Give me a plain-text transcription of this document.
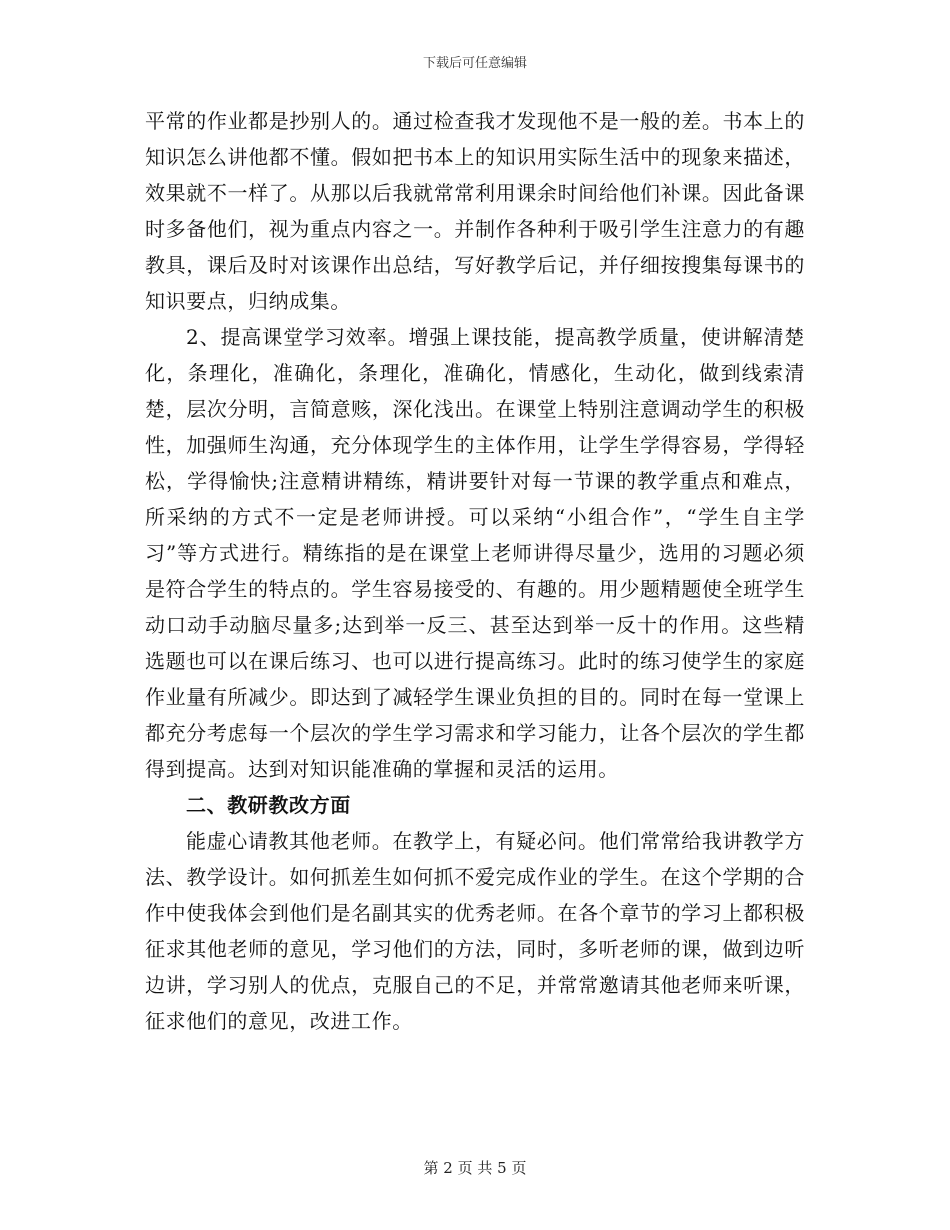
下载后可任意编辑

平常的作业都是抄别人的。通过检查我才发现他不是一般的差。书本上的知识怎么讲他都不懂。假如把书本上的知识用实际生活中的现象来描述，效果就不一样了。从那以后我就常常利用课余时间给他们补课。因此备课时多备他们，视为重点内容之一。并制作各种利于吸引学生注意力的有趣教具，课后及时对该课作出总结，写好教学后记，并仔细按搜集每课书的知识要点，归纳成集。

2、提高课堂学习效率。增强上课技能，提高教学质量，使讲解清楚化，条理化，准确化，条理化，准确化，情感化，生动化，做到线索清楚，层次分明，言简意赅，深化浅出。在课堂上特别注意调动学生的积极性，加强师生沟通，充分体现学生的主体作用，让学生学得容易，学得轻松，学得愉快;注意精讲精练，精讲要针对每一节课的教学重点和难点，所采纳的方式不一定是老师讲授。可以采纳“小组合作”，“学生自主学习”等方式进行。精练指的是在课堂上老师讲得尽量少，选用的习题必须是符合学生的特点的。学生容易接受的、有趣的。用少题精题使全班学生动口动手动脑尽量多;达到举一反三、甚至达到举一反十的作用。这些精选题也可以在课后练习、也可以进行提高练习。此时的练习使学生的家庭作业量有所减少。即达到了减轻学生课业负担的目的。同时在每一堂课上都充分考虑每一个层次的学生学习需求和学习能力，让各个层次的学生都得到提高。达到对知识能准确的掌握和灵活的运用。

二、教研教改方面

能虚心请教其他老师。在教学上，有疑必问。他们常常给我讲教学方法、教学设计。如何抓差生如何抓不爱完成作业的学生。在这个学期的合作中使我体会到他们是名副其实的优秀老师。在各个章节的学习上都积极征求其他老师的意见，学习他们的方法，同时，多听老师的课，做到边听边讲，学习别人的优点，克服自己的不足，并常常邀请其他老师来听课，征求他们的意见，改进工作。

第 2 页 共 5 页
